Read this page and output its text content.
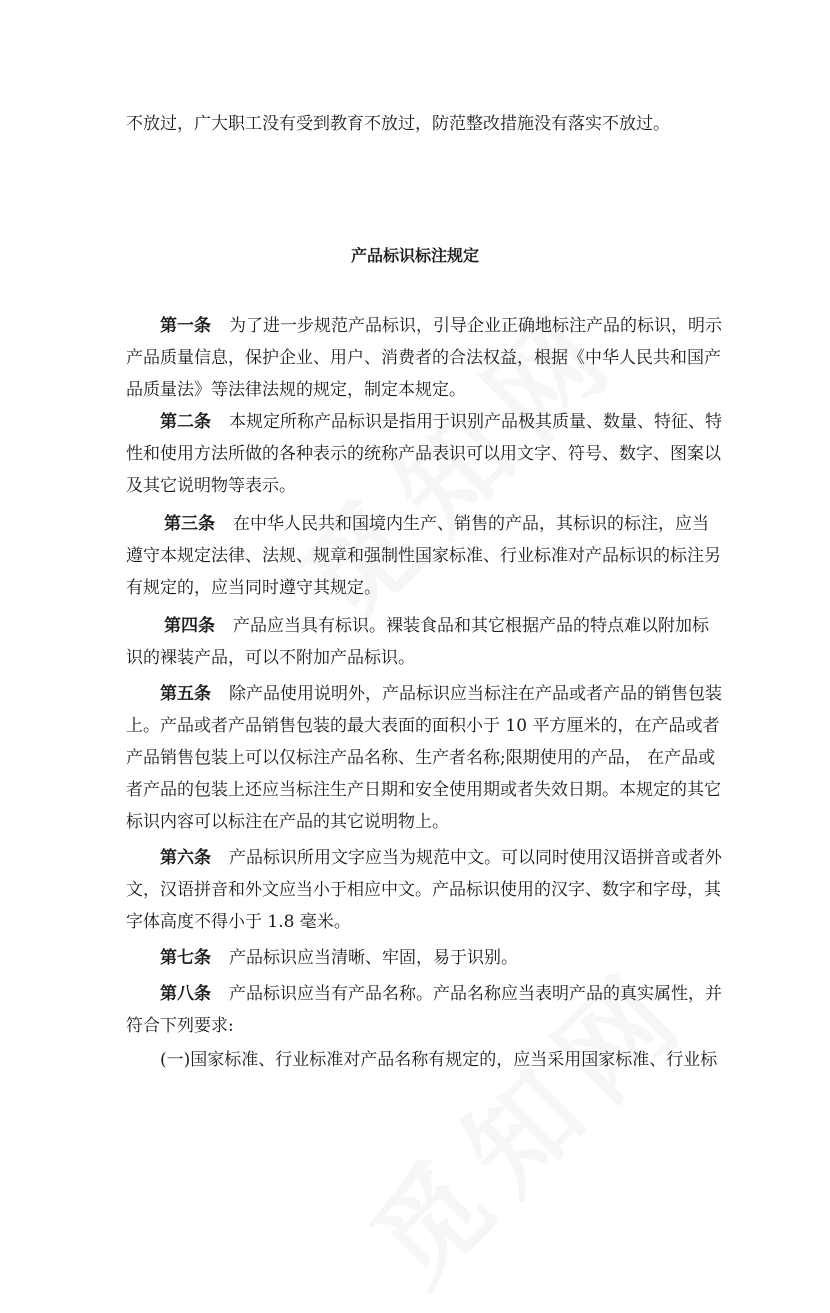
不放过，广大职工没有受到教育不放过，防范整改措施没有落实不放过。
产品标识标注规定
第一条 为了进一步规范产品标识，引导企业正确地标注产品的标识，明示
产品质量信息，保护企业、用户、消费者的合法权益，根据《中华人民共和国产
品质量法》等法律法规的规定，制定本规定。
第二条 本规定所称产品标识是指用于识别产品极其质量、数量、特征、特
性和使用方法所做的各种表示的统称产品表识可以用文字、符号、数字、图案以
及其它说明物等表示。
第三条 在中华人民共和国境内生产、销售的产品，其标识的标注，应当
遵守本规定法律、法规、规章和强制性国家标准、行业标准对产品标识的标注另
有规定的，应当同时遵守其规定。
第四条 产品应当具有标识。裸装食品和其它根据产品的特点难以附加标
识的裸装产品，可以不附加产品标识。
第五条 除产品使用说明外，产品标识应当标注在产品或者产品的销售包装
上。产品或者产品销售包装的最大表面的面积小于 10 平方厘米的，在产品或者
产品销售包装上可以仅标注产品名称、生产者名称;限期使用的产品， 在产品或
者产品的包装上还应当标注生产日期和安全使用期或者失效日期。本规定的其它
标识内容可以标注在产品的其它说明物上。
第六条 产品标识所用文字应当为规范中文。可以同时使用汉语拼音或者外
文，汉语拼音和外文应当小于相应中文。产品标识使用的汉字、数字和字母，其
字体高度不得小于 1.8 毫米。
第七条 产品标识应当清晰、牢固，易于识别。
第八条 产品标识应当有产品名称。产品名称应当表明产品的真实属性，并
符合下列要求:
(一)国家标准、行业标准对产品名称有规定的，应当采用国家标准、行业标
